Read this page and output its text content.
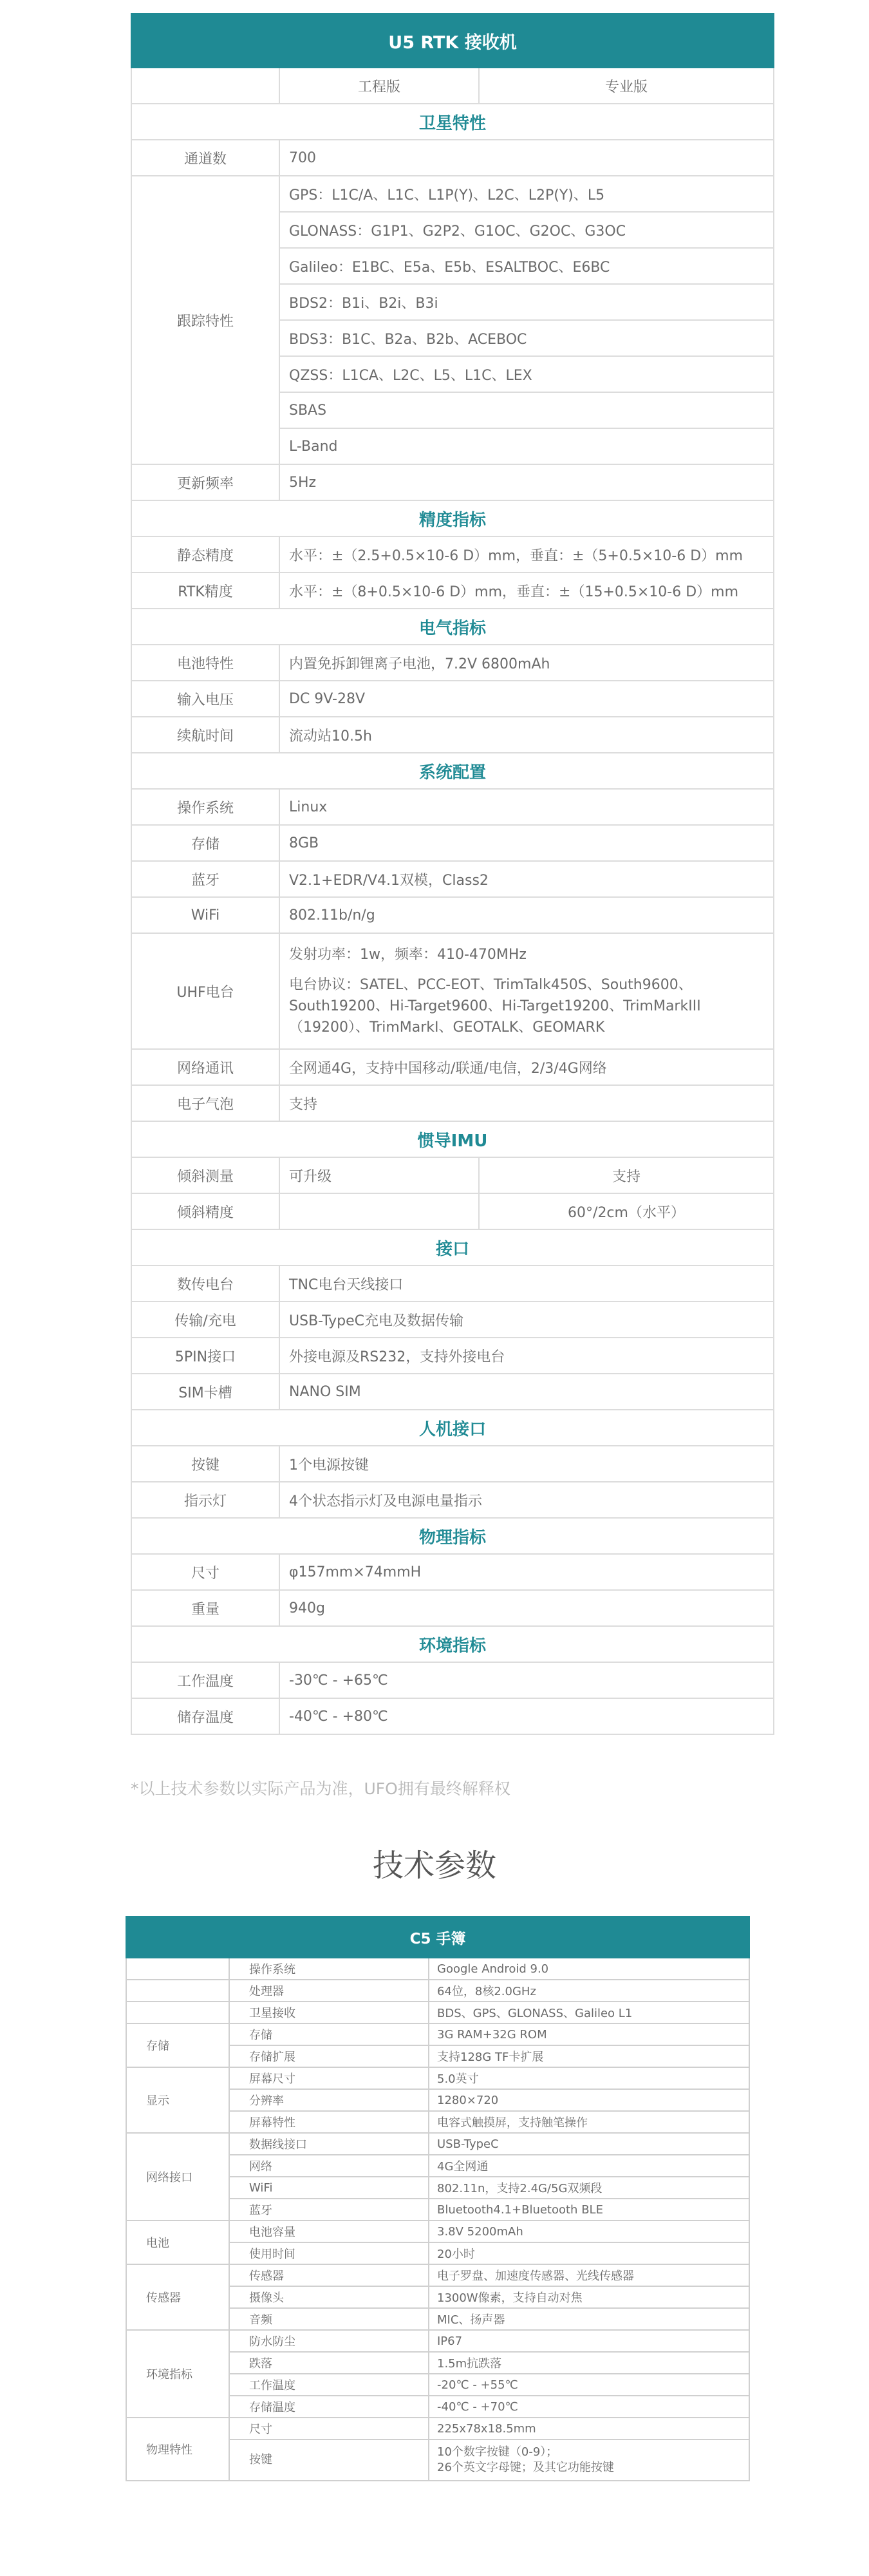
U5 RTK 接收机		
	工程版	专业版
卫星特性		
通道数	700	
跟踪特性	GPS：L1C/A、L1C、L1P(Y)、L2C、L2P(Y)、L5	
	GLONASS：G1P1、G2P2、G1OC、G2OC、G3OC	
	Galileo：E1BC、E5a、E5b、ESALTBOC、E6BC	
	BDS2：B1i、B2i、B3i	
	BDS3：B1C、B2a、B2b、ACEBOC	
	QZSS：L1CA、L2C、L5、L1C、LEX	
	SBAS	
	L-Band	
更新频率	5Hz	
精度指标		
静态精度	水平：±（2.5+0.5×10-6 D）mm，垂直：±（5+0.5×10-6 D）mm	
RTK精度	水平：±（8+0.5×10-6 D）mm，垂直：±（15+0.5×10-6 D）mm	
电气指标		
电池特性	内置免拆卸锂离子电池，7.2V 6800mAh	
输入电压	DC 9V-28V	
续航时间	流动站10.5h	
系统配置		
操作系统	Linux	
存储	8GB	
蓝牙	V2.1+EDR/V4.1双模，Class2	
WiFi	802.11b/n/g	
UHF电台	发射功率：1w，频率：410-470MHz
电台协议：SATEL、PCC-EOT、TrimTalk450S、South9600、South19200、Hi-Target9600、Hi-Target19200、TrimMarkIII（19200）、TrimMarkI、GEOTALK、GEOMARK	

网络通讯	全网通4G，支持中国移动/联通/电信，2/3/4G网络	
电子气泡	支持	
惯导IMU		
倾斜测量	可升级	支持
倾斜精度		60°/2cm（水平）
接口		
数传电台	TNC电台天线接口	
传输/充电	USB-TypeC充电及数据传输	
5PIN接口	外接电源及RS232，支持外接电台	
SIM卡槽	NANO SIM	
人机接口		
按键	1个电源按键	
指示灯	4个状态指示灯及电源电量指示	
物理指标		
尺寸	φ157mm×74mmH	
重量	940g	
环境指标		
工作温度	-30℃ - +65℃	
储存温度	-40℃ - +80℃	
*以上技术参数以实际产品为准，UFO拥有最终解释权
技术参数
C5 手簿		
	操作系统	Google Android 9.0
	处理器	64位，8核2.0GHz
	卫星接收	BDS、GPS、GLONASS、Galileo L1
存储	存储	3G RAM+32G ROM
	存储扩展	支持128G TF卡扩展
显示	屏幕尺寸	5.0英寸
	分辨率	1280×720
	屏幕特性	电容式触摸屏，支持触笔操作
网络接口	数据线接口	USB-TypeC
	网络	4G全网通
	WiFi	802.11n，支持2.4G/5G双频段
	蓝牙	Bluetooth4.1+Bluetooth BLE
电池	电池容量	3.8V 5200mAh
	使用时间	20小时
传感器	传感器	电子罗盘、加速度传感器、光线传感器
	摄像头	1300W像素，支持自动对焦
	音频	MIC、扬声器
环境指标	防水防尘	IP67
	跌落	1.5m抗跌落
	工作温度	-20℃ - +55℃
	存储温度	-40℃ - +70℃
物理特性	尺寸	225x78x18.5mm
	按键	10个数字按键（0-9）；
26个英文字母键；及其它功能按键
